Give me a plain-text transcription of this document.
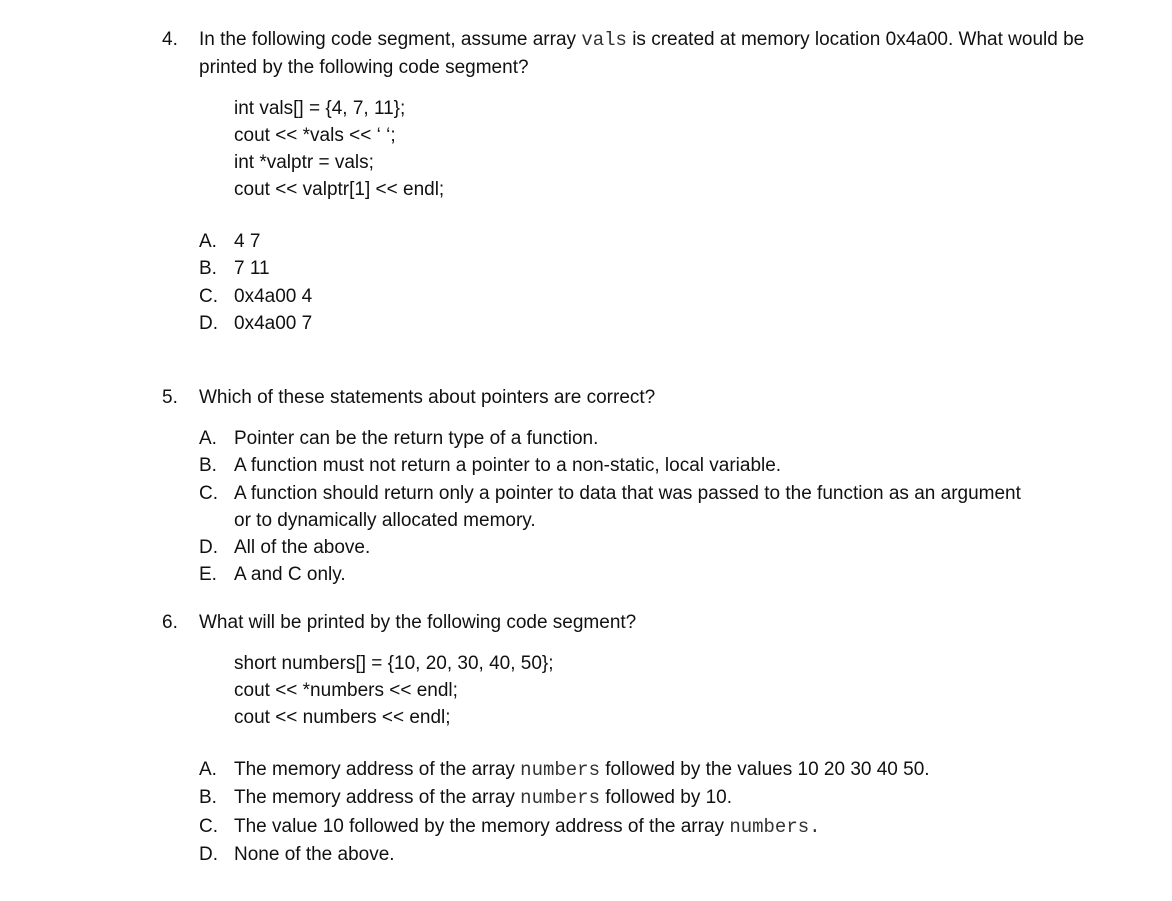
4.	In the following code segment, assume array vals is created at memory location 0x4a00. What would be printed by the following code segment?
int vals[] = {4, 7, 11};
cout << *vals << ‘ ‘;
int *valptr = vals;
cout << valptr[1] << endl;
A. 4 7
B. 7 11
C. 0x4a00 4
D. 0x4a00 7
5.	Which of these statements about pointers are correct?
A. Pointer can be the return type of a function.
B. A function must not return a pointer to a non-static, local variable.
C. A function should return only a pointer to data that was passed to the function as an argument or to dynamically allocated memory.
D. All of the above.
E. A and C only.
6.	What will be printed by the following code segment?
short numbers[] = {10, 20, 30, 40, 50};
cout << *numbers << endl;
cout << numbers << endl;
A. The memory address of the array numbers followed by the values 10 20 30 40 50.
B. The memory address of the array numbers followed by 10.
C. The value 10 followed by the memory address of the array numbers.
D. None of the above.
